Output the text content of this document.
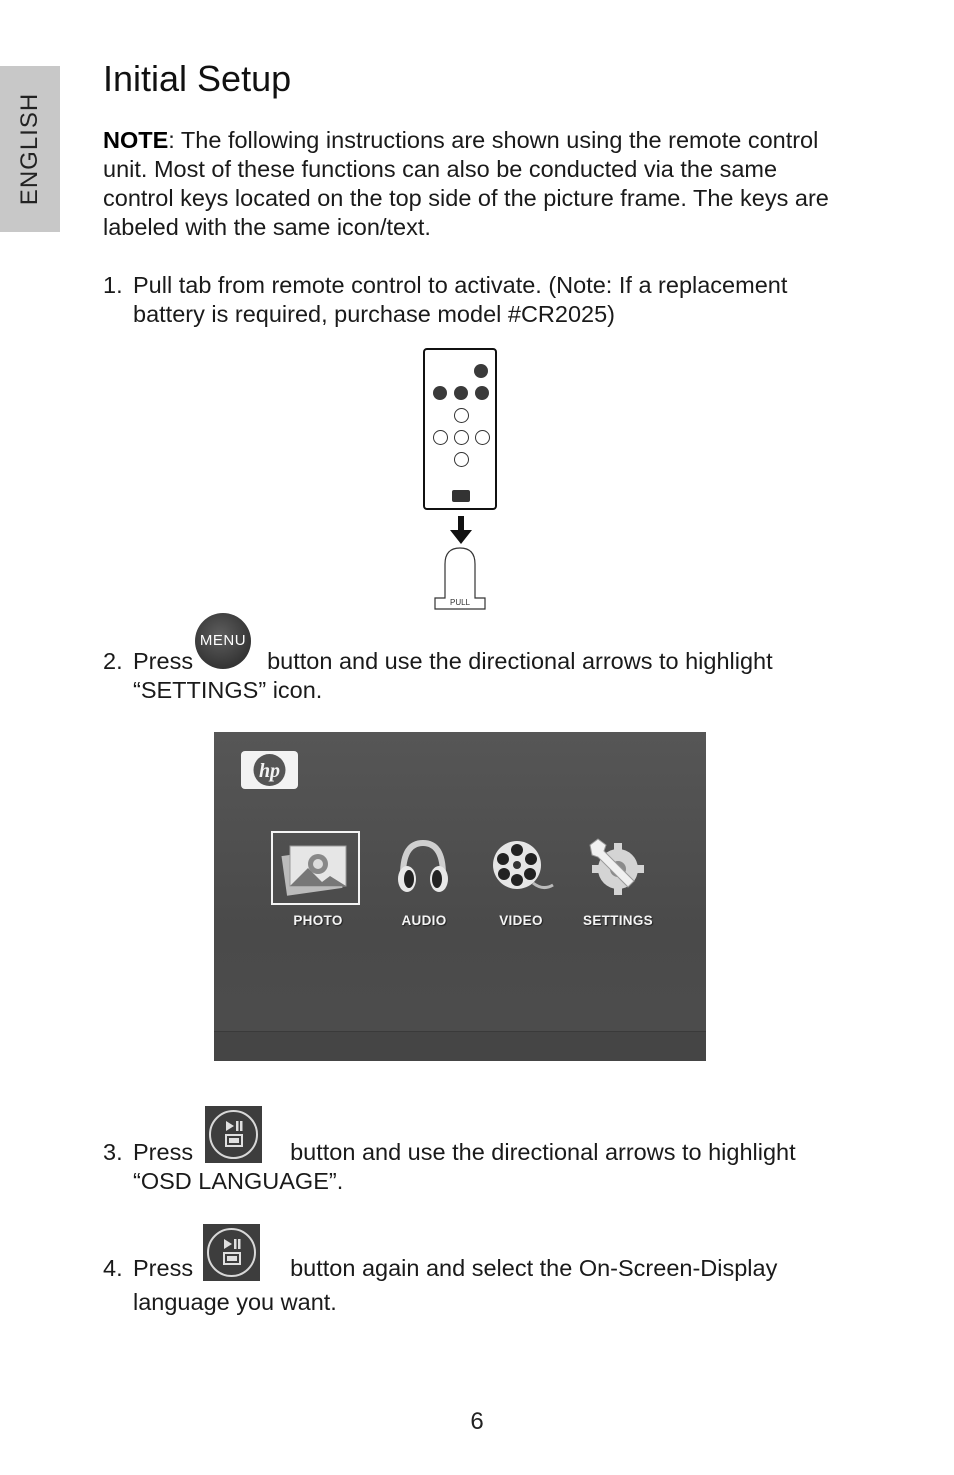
ENGLISH
Initial Setup
NOTE: The following instructions are shown using the remote control unit. Most of these functions can also be conducted via the same control keys located on the top side of the picture frame. The keys are labeled with the same icon/text.
1. Pull tab from remote control to activate. (Note: If a replacement
battery is required, purchase model #CR2025)
PULL
2. Press	button and use the directional arrows to highlight
“SETTINGS” icon.
MENU
hp
PHOTO	AUDIO	VIDEO	SETTINGS
3. Press	button and use the directional arrows to highlight
“OSD LANGUAGE”.
4. Press	button again and select the On-Screen-Display
language you want.
6
